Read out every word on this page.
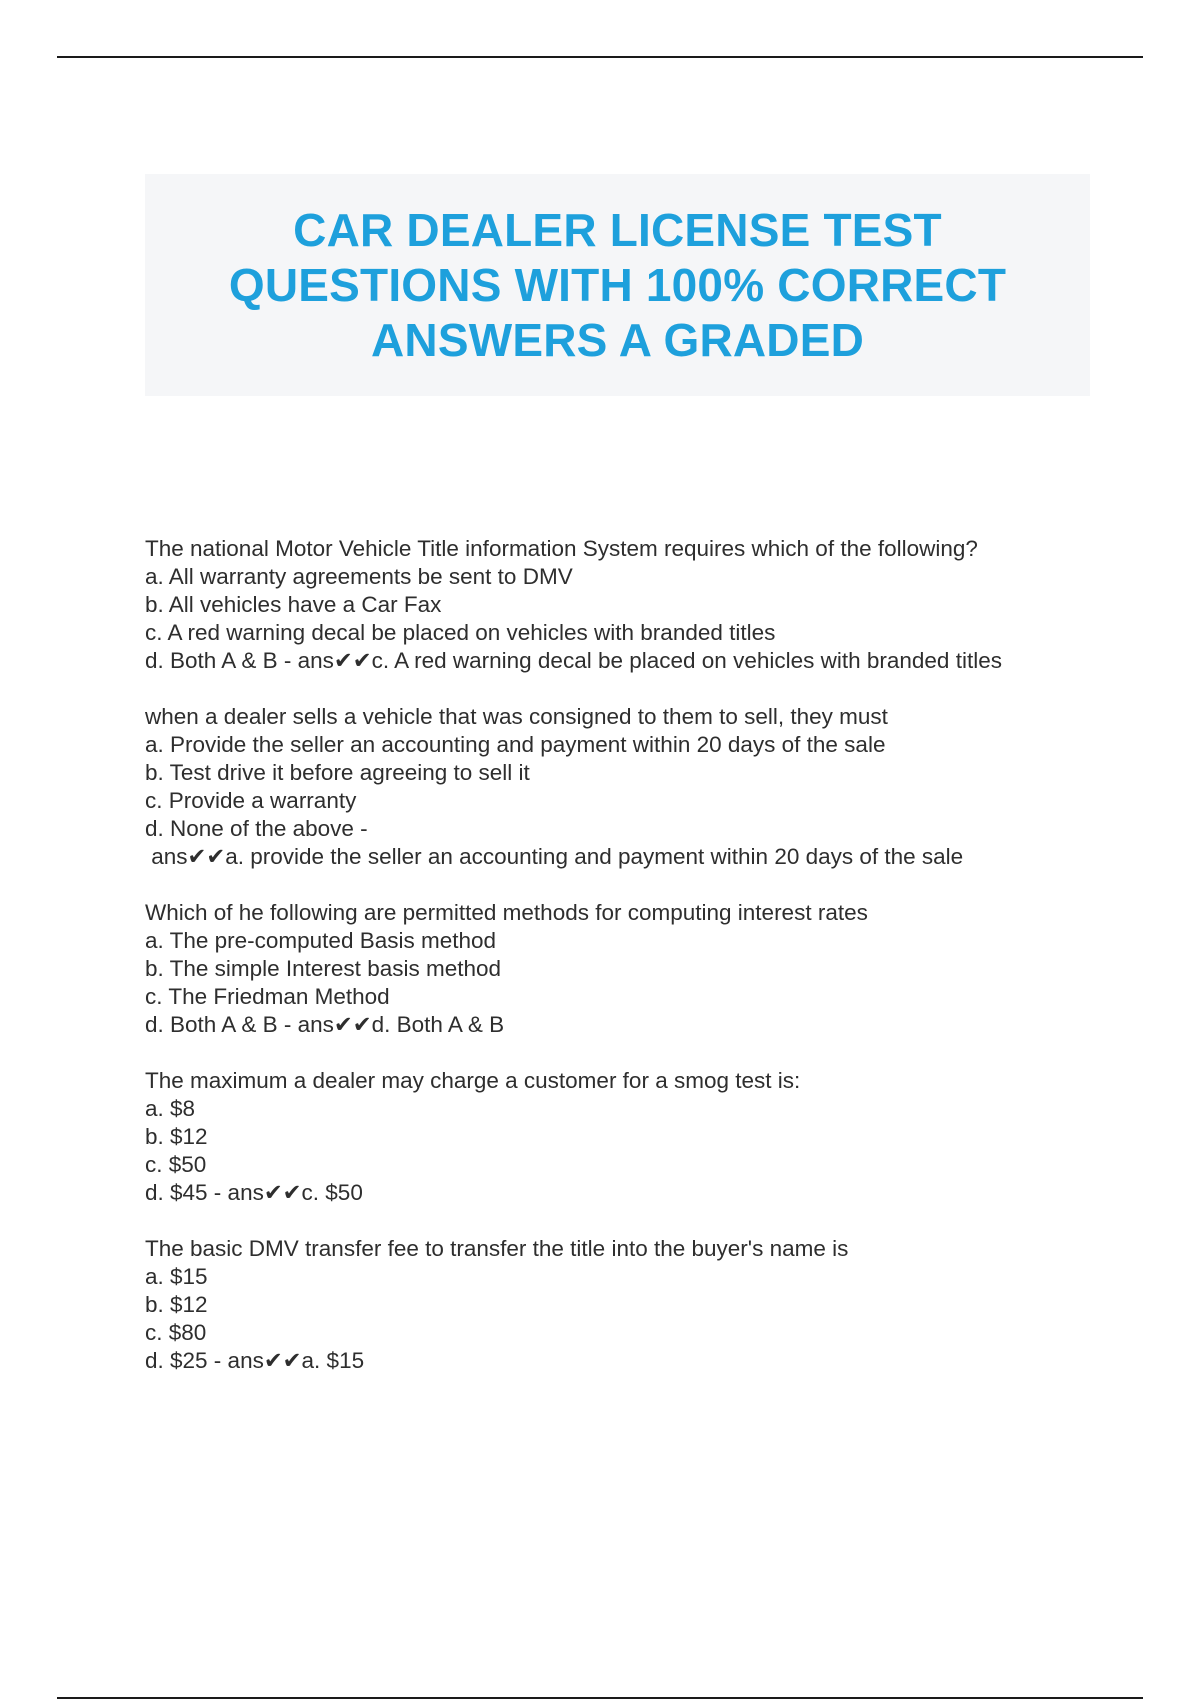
CAR DEALER LICENSE TEST QUESTIONS WITH 100% CORRECT ANSWERS A GRADED
The national Motor Vehicle Title information System requires which of the following?
a. All warranty agreements be sent to DMV
b. All vehicles have a Car Fax
c. A red warning decal be placed on vehicles with branded titles
d. Both A & B - ans✔✔c. A red warning decal be placed on vehicles with branded titles
when a dealer sells a vehicle that was consigned to them to sell, they must
a. Provide the seller an accounting and payment within 20 days of the sale
b. Test drive it before agreeing to sell it
c. Provide a warranty
d. None of the above -
ans✔✔a. provide the seller an accounting and payment within 20 days of the sale
Which of he following are permitted methods for computing interest rates
a. The pre-computed Basis method
b. The simple Interest basis method
c. The Friedman Method
d. Both A & B - ans✔✔d. Both A & B
The maximum a dealer may charge a customer for a smog test is:
a. $8
b. $12
c. $50
d. $45 - ans✔✔c. $50
The basic DMV transfer fee to transfer the title into the buyer's name is
a. $15
b. $12
c. $80
d. $25 - ans✔✔a. $15
